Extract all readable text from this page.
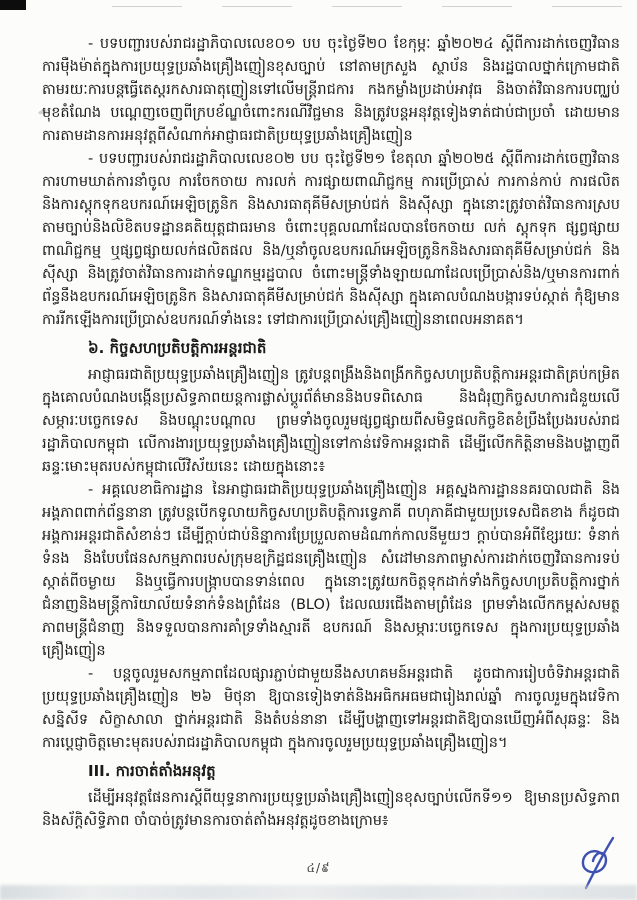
- បទបញ្ជារបស់រាជរដ្ឋាភិបាលលេខ០១ បប ចុះថ្ងៃទី២០ ខែកុម្ភៈ ឆ្នាំ២០២៤ ស្តីពីការដាក់ចេញវិធានការម៉ឺងម៉ាត់ក្នុងការប្រយុទ្ធប្រឆាំងគ្រឿងញៀនខុសច្បាប់ នៅតាមក្រសួង ស្ថាប័ន និងរដ្ឋបាលថ្នាក់ក្រោមជាតិ តាមរយៈការបន្តធ្វើតេស្តរកសារធាតុញៀនទៅលើមន្ត្រីរាជការ កងកម្លាំងប្រដាប់អាវុធ និងចាត់វិធានការបញ្ឈប់មុខតំណែង បណ្តេញចេញពីក្របខ័ណ្ឌចំពោះករណីវិជ្ជមាន និងត្រូវបន្តអនុវត្តទៀងទាត់ជាប់ជាប្រចាំ ដោយមានការតាមដានការអនុវត្តពីសំណាក់អាជ្ញាធរជាតិប្រយុទ្ធប្រឆាំងគ្រឿងញៀន

- បទបញ្ជារបស់រាជរដ្ឋាភិបាលលេខ០២ បប ចុះថ្ងៃទី២១ ខែតុលា ឆ្នាំ២០២៥ ស្តីពីការដាក់ចេញវិធានការហាមឃាត់ការនាំចូល ការចែកចាយ ការលក់ ការផ្សាយពាណិជ្ជកម្ម ការប្រើប្រាស់ ការកាន់កាប់ ការផលិត និងការស្តុកទុកឧបករណ៍អេឡិចត្រូនិក និងសារធាតុគីមីសម្រាប់ជក់ និងស៊ីស្សា ក្នុងនោះត្រូវចាត់វិធានការស្របតាមច្បាប់និងលិខិតបទដ្ឋានគតិយុត្តជាធរមាន ចំពោះបុគ្គលណាដែលបានចែកចាយ លក់ ស្តុកទុក ផ្សព្វផ្សាយពាណិជ្ជកម្ម ឬផ្សព្វផ្សាយលក់ផលិតផល និង/ឬនាំចូលឧបករណ៍អេឡិចត្រូនិកនិងសារធាតុគីមីសម្រាប់ជក់ និងស៊ីស្សា និងត្រូវចាត់វិធានការដាក់ទណ្ឌកម្មរដ្ឋបាល ចំពោះមន្ត្រីទាំងឡាយណាដែលប្រើប្រាស់និង/ឬមានការពាក់ព័ន្ធនឹងឧបករណ៍អេឡិចត្រូនិក និងសារធាតុគីមីសម្រាប់ជក់ និងស៊ីស្សា ក្នុងគោលបំណងបង្ការទប់ស្កាត់ កុំឱ្យមានការរីកឡើងការប្រើប្រាស់ឧបករណ៍ទាំងនេះ ទៅជាការប្រើប្រាស់គ្រឿងញៀននាពេលអនាគត។

៦. កិច្ចសហប្រតិបត្តិការអន្តរជាតិ

អាជ្ញាធរជាតិប្រយុទ្ធប្រឆាំងគ្រឿងញៀន ត្រូវបន្តពង្រឹងនិងពង្រីកកិច្ចសហប្រតិបត្តិការអន្តរជាតិគ្រប់កម្រិត ក្នុងគោលបំណងបង្កើនប្រសិទ្ធភាពយន្តការផ្លាស់ប្តូរព័ត៌មាននិងបទពិសោធ និងជំរុញកិច្ចសហការជំនួយលើសម្ភារៈបច្ចេកទេស និងបណ្តុះបណ្តាល ព្រមទាំងចូលរួមផ្សព្វផ្សាយពីសមិទ្ធផលកិច្ចខិតខំប្រឹងប្រែងរបស់រាជរដ្ឋាភិបាលកម្ពុជា លើការងារប្រយុទ្ធប្រឆាំងគ្រឿងញៀនទៅកាន់វេទិកាអន្តរជាតិ ដើម្បីលើកកិត្តិនាមនិងបង្ហាញពីឆន្ទៈមោះមុតរបស់កម្ពុជាលើវិស័យនេះ ដោយក្នុងនោះ៖

- អគ្គលេខាធិការដ្ឋាន នៃអាជ្ញាធរជាតិប្រយុទ្ធប្រឆាំងគ្រឿងញៀន អគ្គស្នងការដ្ឋាននគរបាលជាតិ និងអង្គភាពពាក់ព័ន្ធនានា ត្រូវបន្តបើកទូលាយកិច្ចសហប្រតិបត្តិការទ្វេភាគី ពហុភាគីជាមួយប្រទេសជិតខាង ក៏ដូចជាអង្គការអន្តរជាតិសំខាន់ៗ ដើម្បីក្តាប់ជាប់និន្នាការប្រែប្រួលតាមដំណាក់កាលនីមួយៗ ក្តាប់បានអំពីខ្សែរយៈ ទំនាក់ទំនង និងបែបផែនសកម្មភាពរបស់ក្រុមឧក្រិដ្ឋជនគ្រឿងញៀន សំដៅមានភាពម្ចាស់ការដាក់ចេញវិធានការទប់ស្កាត់ពីចម្ងាយ និងឬធ្វើការបង្ក្រាបបានទាន់ពេល ក្នុងនោះត្រូវយកចិត្តទុកដាក់ទាំងកិច្ចសហប្រតិបត្តិការថ្នាក់ជំនាញនិងមន្ត្រីការិយាល័យទំនាក់ទំនងព្រំដែន (BLO) ដែលឈរជើងតាមព្រំដែន ព្រមទាំងលើកកម្ពស់សមត្ថភាពមន្ត្រីជំនាញ និងទទួលបានការគាំទ្រទាំងស្មារតី ឧបករណ៍ និងសម្ភារៈបច្ចេកទេស ក្នុងការប្រយុទ្ធប្រឆាំងគ្រឿងញៀន

- បន្តចូលរួមសកម្មភាពដែលផ្សារភ្ជាប់ជាមួយនឹងសហគមន៍អន្តរជាតិ ដូចជាការរៀបចំទិវាអន្តរជាតិប្រយុទ្ធប្រឆាំងគ្រឿងញៀន ២៦ មិថុនា ឱ្យបានទៀងទាត់និងអធិកអធមជារៀងរាល់ឆ្នាំ ការចូលរួមក្នុងវេទិកា សន្និសីទ សិក្ខាសាលា ថ្នាក់អន្តរជាតិ និងតំបន់នានា ដើម្បីបង្ហាញទៅអន្តរជាតិឱ្យបានឃើញអំពីសុឆន្ទៈ និងការប្តេជ្ញាចិត្តមោះមុតរបស់រាជរដ្ឋាភិបាលកម្ពុជា ក្នុងការចូលរួមប្រយុទ្ធប្រឆាំងគ្រឿងញៀន។

III. ការចាត់តាំងអនុវត្ត

ដើម្បីអនុវត្តផែនការស្តីពីយុទ្ធនាការប្រយុទ្ធប្រឆាំងគ្រឿងញៀនខុសច្បាប់លើកទី១១ ឱ្យមានប្រសិទ្ធភាពនិងស័ក្តិសិទ្ធិភាព ចាំបាច់ត្រូវមានការចាត់តាំងអនុវត្តដូចខាងក្រោម៖

៤/៩
